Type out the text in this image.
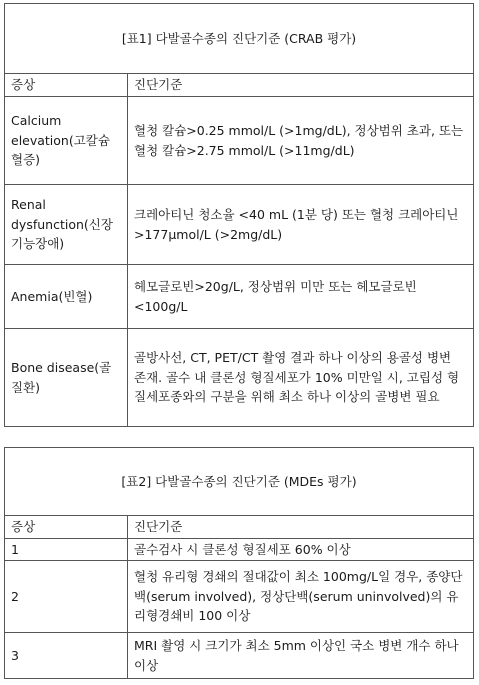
[표1] 다발골수종의 진단기준 (CRAB 평가)	
증상	진단기준
Calcium elevation(고칼슘혈증)	혈청 칼슘>0.25 mmol/L (>1mg/dL), 정상범위 초과, 또는 혈청 칼슘>2.75 mmol/L (>11mg/dL)
Renal dysfunction(신장기능장애)	크레아티닌 청소율 <40 mL (1분 당) 또는 혈청 크레아티닌 >177μmol/L (>2mg/dL)
Anemia(빈혈)	헤모글로빈>20g/L, 정상범위 미만 또는 헤모글로빈 <100g/L
Bone disease(골질환)	골방사선, CT, PET/CT 촬영 결과 하나 이상의 용골성 병변 존재. 골수 내 클론성 형질세포가 10% 미만일 시, 고립성 형질세포종와의 구분을 위해 최소 하나 이상의 골병변 필요
[표2] 다발골수종의 진단기준 (MDEs 평가)	
증상	진단기준
1	골수검사 시 클론성 형질세포 60% 이상
2	혈청 유리형 경쇄의 절대값이 최소 100mg/L일 경우, 종양단백(serum involved), 정상단백(serum uninvolved)의 유리형경쇄비 100 이상
3	MRI 촬영 시 크기가 최소 5mm 이상인 국소 병변 개수 하나 이상
